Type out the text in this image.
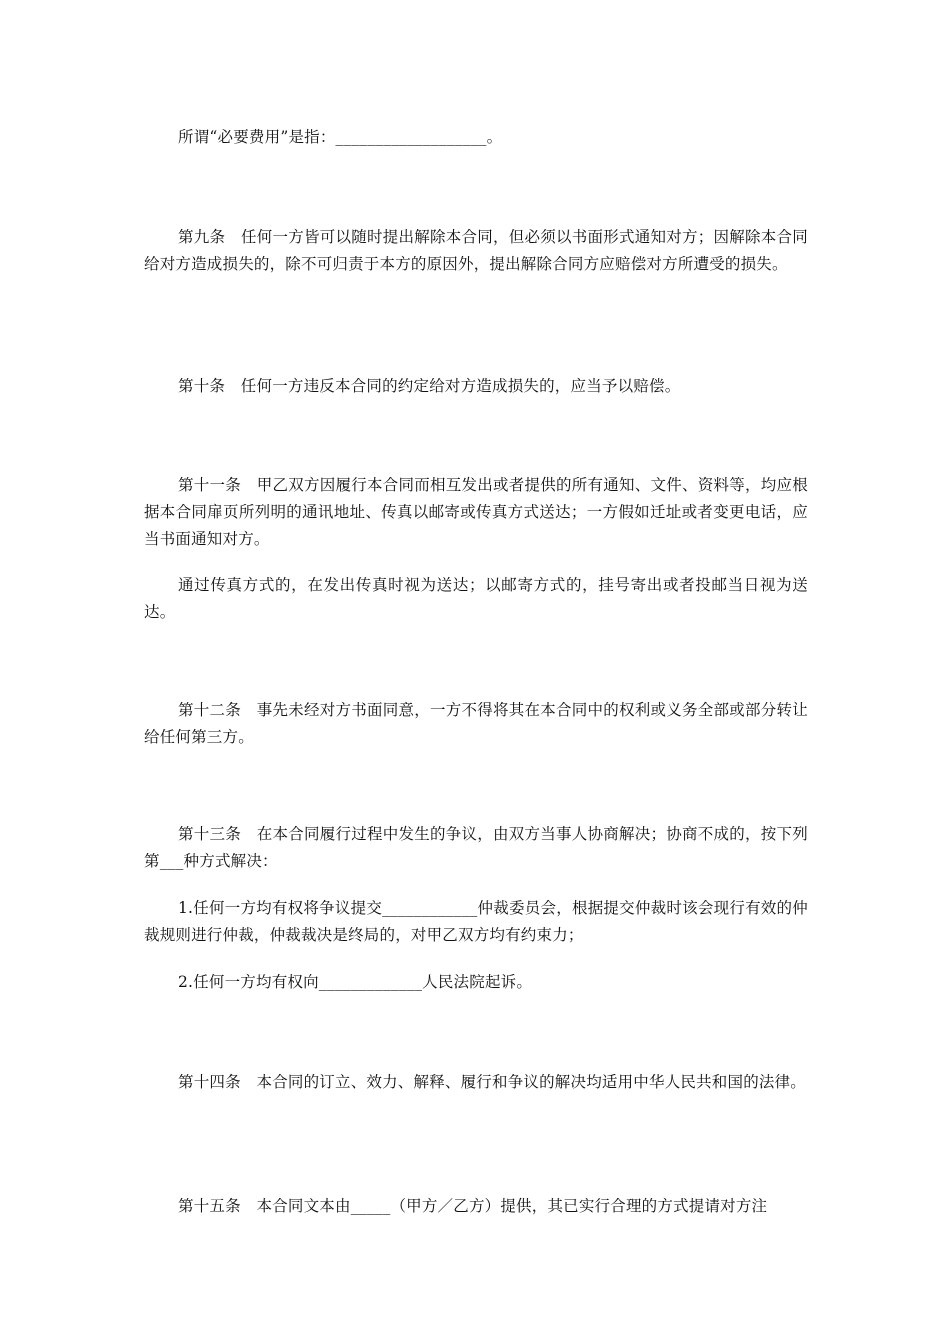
所谓“必要费用”是指：___________________。

第九条　任何一方皆可以随时提出解除本合同，但必须以书面形式通知对方；因解除本合同给对方造成损失的，除不可归责于本方的原因外，提出解除合同方应赔偿对方所遭受的损失。

第十条　任何一方违反本合同的约定给对方造成损失的，应当予以赔偿。

第十一条　甲乙双方因履行本合同而相互发出或者提供的所有通知、文件、资料等，均应根据本合同扉页所列明的通讯地址、传真以邮寄或传真方式送达；一方假如迁址或者变更电话，应当书面通知对方。

通过传真方式的，在发出传真时视为送达；以邮寄方式的，挂号寄出或者投邮当日视为送达。

第十二条　事先未经对方书面同意，一方不得将其在本合同中的权利或义务全部或部分转让给任何第三方。

第十三条　在本合同履行过程中发生的争议，由双方当事人协商解决；协商不成的，按下列第___种方式解决：

1.任何一方均有权将争议提交____________仲裁委员会，根据提交仲裁时该会现行有效的仲裁规则进行仲裁，仲裁裁决是终局的，对甲乙双方均有约束力；

2.任何一方均有权向_____________人民法院起诉。

第十四条　本合同的订立、效力、解释、履行和争议的解决均适用中华人民共和国的法律。

第十五条　本合同文本由_____（甲方／乙方）提供，其已实行合理的方式提请对方注
